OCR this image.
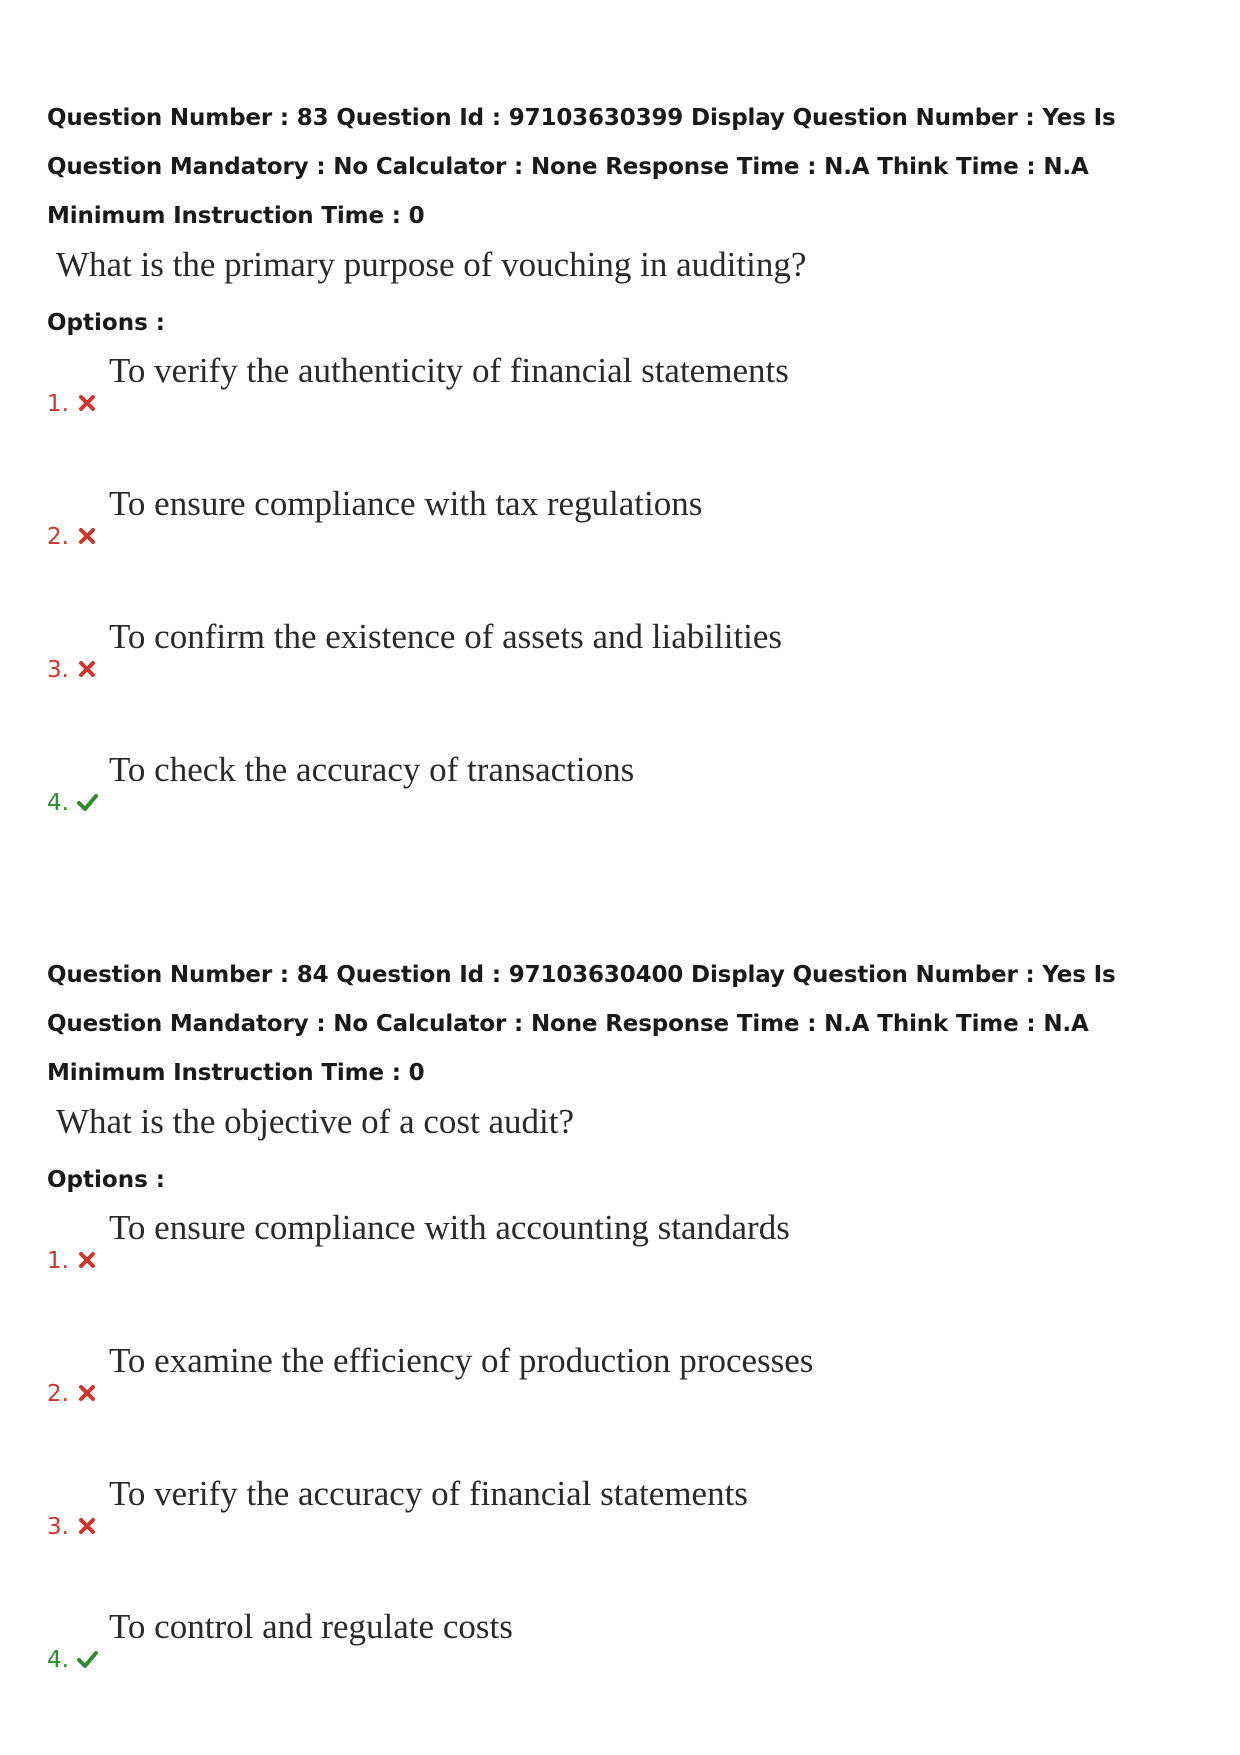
Question Number : 83 Question Id : 97103630399 Display Question Number : Yes Is Question Mandatory : No Calculator : None Response Time : N.A Think Time : N.A Minimum Instruction Time : 0

What is the primary purpose of vouching in auditing?

Options :

1.
To verify the authenticity of financial statements
2.
To ensure compliance with tax regulations
3.
To confirm the existence of assets and liabilities
4.
To check the accuracy of transactions

Question Number : 84 Question Id : 97103630400 Display Question Number : Yes Is Question Mandatory : No Calculator : None Response Time : N.A Think Time : N.A Minimum Instruction Time : 0

What is the objective of a cost audit?

Options :

1.
To ensure compliance with accounting standards
2.
To examine the efficiency of production processes
3.
To verify the accuracy of financial statements
4.
To control and regulate costs
